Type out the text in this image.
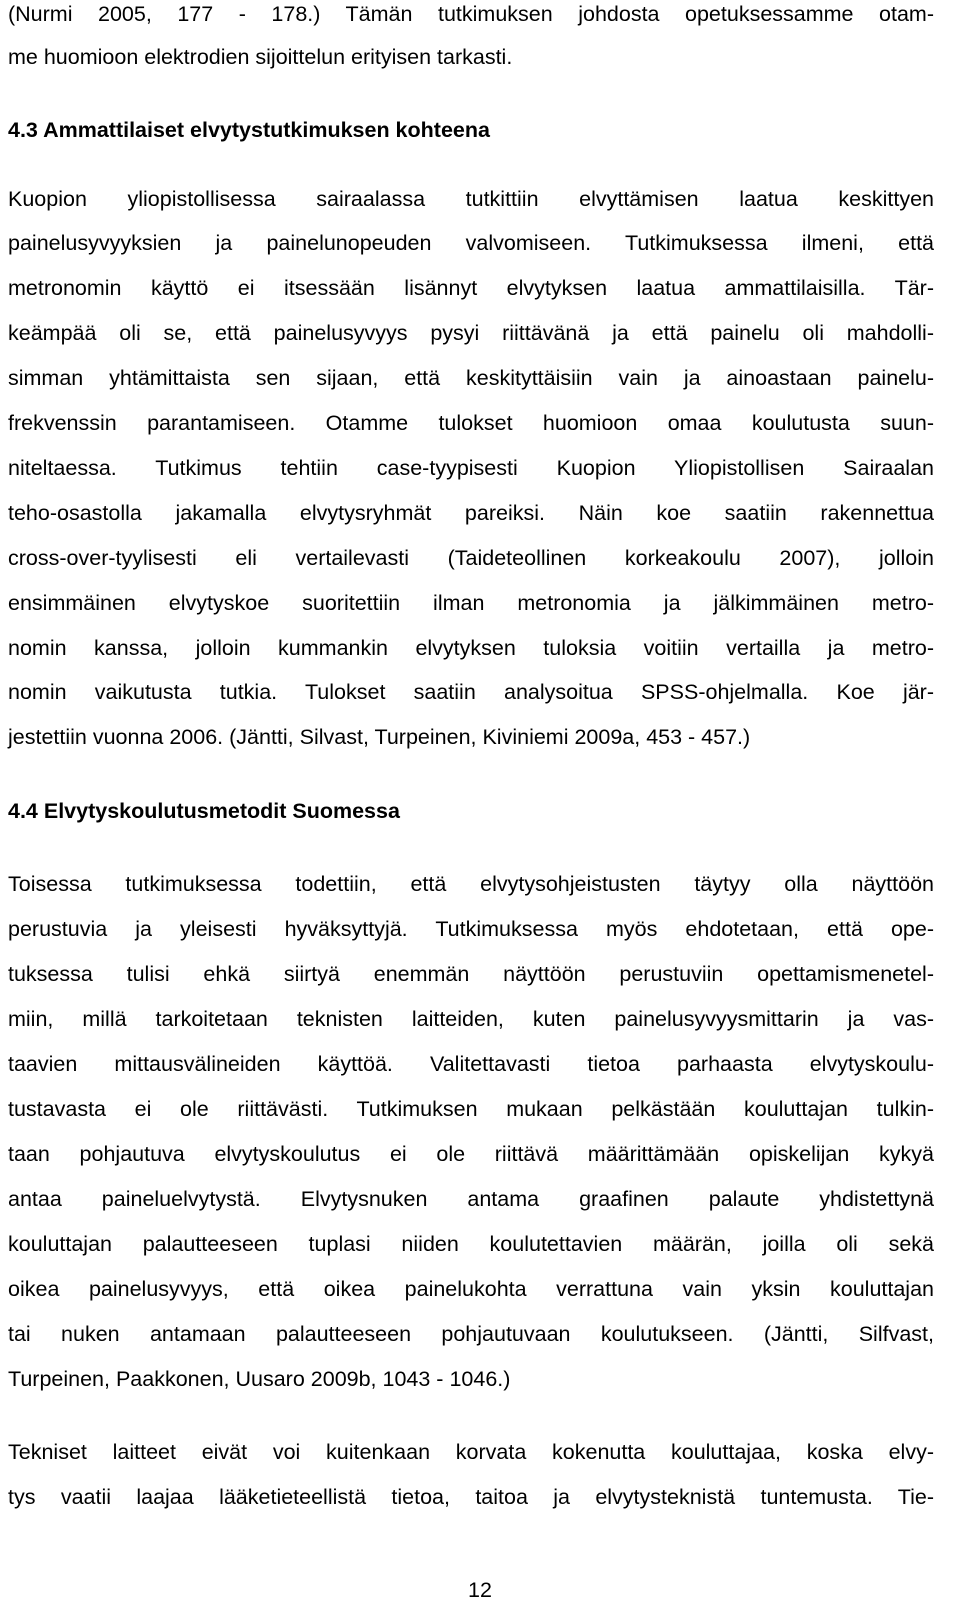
(Nurmi 2005, 177 - 178.) Tämän tutkimuksen johdosta opetuksessamme otam-
me huomioon elektrodien sijoittelun erityisen tarkasti.
4.3 Ammattilaiset elvytystutkimuksen kohteena
Kuopion yliopistollisessa sairaalassa tutkittiin elvyttämisen laatua keskittyen
painelusyvyyksien ja painelunopeuden valvomiseen. Tutkimuksessa ilmeni, että
metronomin käyttö ei itsessään lisännyt elvytyksen laatua ammattilaisilla. Tär-
keämpää oli se, että painelusyvyys pysyi riittävänä ja että painelu oli mahdolli-
simman yhtämittaista sen sijaan, että keskityttäisiin vain ja ainoastaan painelu-
frekvenssin parantamiseen. Otamme tulokset huomioon omaa koulutusta suun-
niteltaessa. Tutkimus tehtiin case-tyypisesti Kuopion Yliopistollisen Sairaalan
teho-osastolla jakamalla elvytysryhmät pareiksi. Näin koe saatiin rakennettua
cross-over-tyylisesti eli vertailevasti (Taideteollinen korkeakoulu 2007), jolloin
ensimmäinen elvytyskoe suoritettiin ilman metronomia ja jälkimmäinen metro-
nomin kanssa, jolloin kummankin elvytyksen tuloksia voitiin vertailla ja metro-
nomin vaikutusta tutkia. Tulokset saatiin analysoitua SPSS-ohjelmalla. Koe jär-
jestettiin vuonna 2006. (Jäntti, Silvast, Turpeinen, Kiviniemi 2009a, 453 - 457.)
4.4 Elvytyskoulutusmetodit Suomessa
Toisessa tutkimuksessa todettiin, että elvytysohjeistusten täytyy olla näyttöön
perustuvia ja yleisesti hyväksyttyjä. Tutkimuksessa myös ehdotetaan, että ope-
tuksessa tulisi ehkä siirtyä enemmän näyttöön perustuviin opettamismenetel-
miin, millä tarkoitetaan teknisten laitteiden, kuten painelusyvyysmittarin ja vas-
taavien mittausvälineiden käyttöä. Valitettavasti tietoa parhaasta elvytyskoulu-
tustavasta ei ole riittävästi. Tutkimuksen mukaan pelkästään kouluttajan tulkin-
taan pohjautuva elvytyskoulutus ei ole riittävä määrittämään opiskelijan kykyä
antaa paineluelvytystä. Elvytysnuken antama graafinen palaute yhdistettynä
kouluttajan palautteeseen tuplasi niiden koulutettavien määrän, joilla oli sekä
oikea painelusyvyys, että oikea painelukohta verrattuna vain yksin kouluttajan
tai nuken antamaan palautteeseen pohjautuvaan koulutukseen. (Jäntti, Silfvast,
Turpeinen, Paakkonen, Uusaro 2009b, 1043 - 1046.)
Tekniset laitteet eivät voi kuitenkaan korvata kokenutta kouluttajaa, koska elvy-
tys vaatii laajaa lääketieteellistä tietoa, taitoa ja elvytysteknistä tuntemusta. Tie-
12
